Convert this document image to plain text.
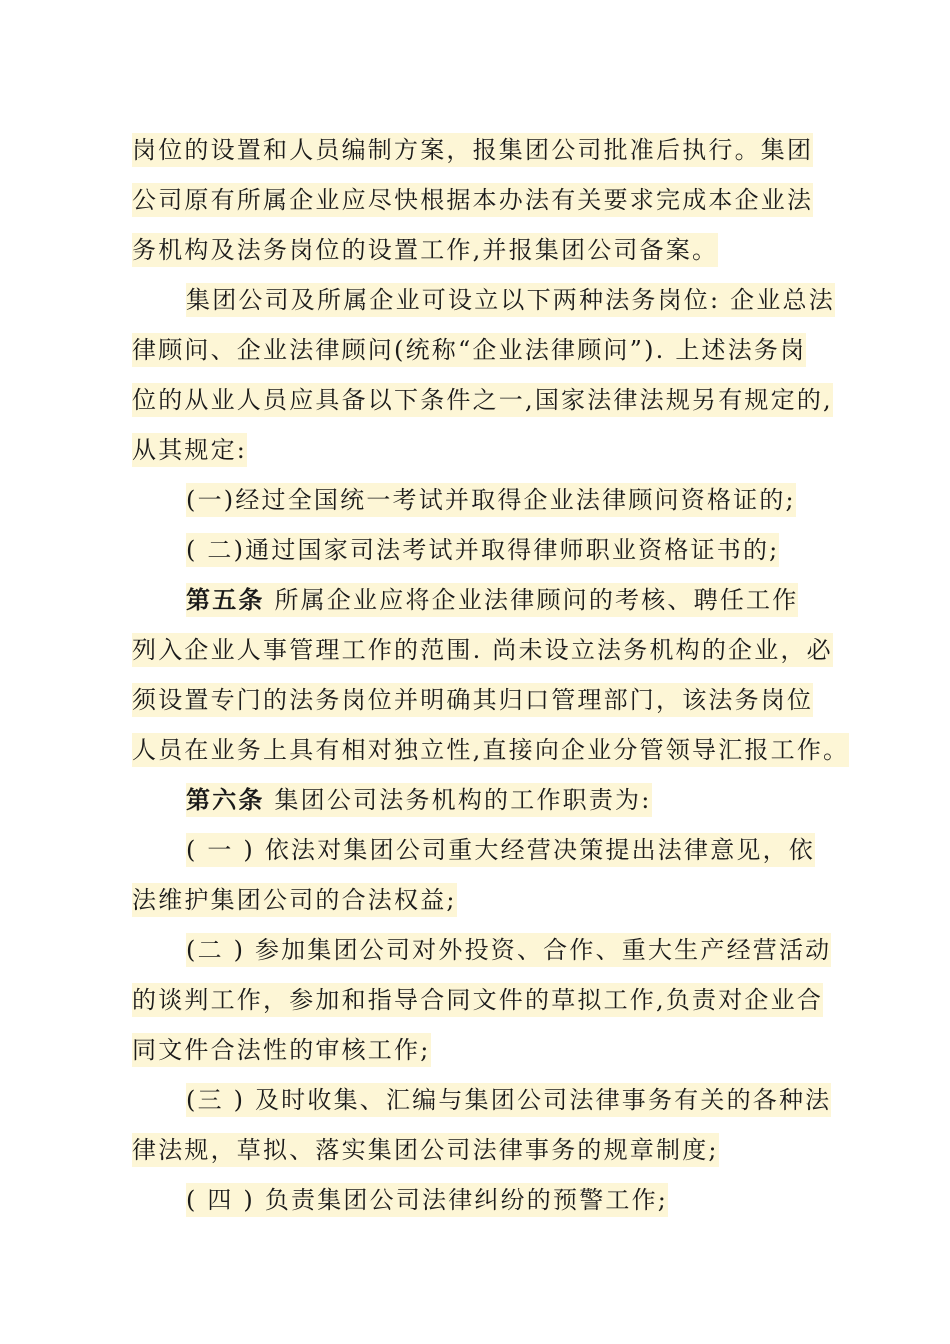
岗位的设置和人员编制方案，报集团公司批准后执行。集团
公司原有所属企业应尽快根据本办法有关要求完成本企业法
务机构及法务岗位的设置工作,并报集团公司备案。
集团公司及所属企业可设立以下两种法务岗位: 企业总法
律顾问、企业法律顾问(统称“企业法律顾问”). 上述法务岗
位的从业人员应具备以下条件之一,国家法律法规另有规定的,
从其规定:
(一)经过全国统一考试并取得企业法律顾问资格证的;
( 二)通过国家司法考试并取得律师职业资格证书的;
第五条 所属企业应将企业法律顾问的考核、聘任工作
列入企业人事管理工作的范围. 尚未设立法务机构的企业，必
须设置专门的法务岗位并明确其归口管理部门，该法务岗位
人员在业务上具有相对独立性,直接向企业分管领导汇报工作。
第六条 集团公司法务机构的工作职责为:
( 一 ) 依法对集团公司重大经营决策提出法律意见，依
法维护集团公司的合法权益;
(二 ) 参加集团公司对外投资、合作、重大生产经营活动
的谈判工作，参加和指导合同文件的草拟工作,负责对企业合
同文件合法性的审核工作;
(三 ) 及时收集、汇编与集团公司法律事务有关的各种法
律法规，草拟、落实集团公司法律事务的规章制度;
( 四 ) 负责集团公司法律纠纷的预警工作;
